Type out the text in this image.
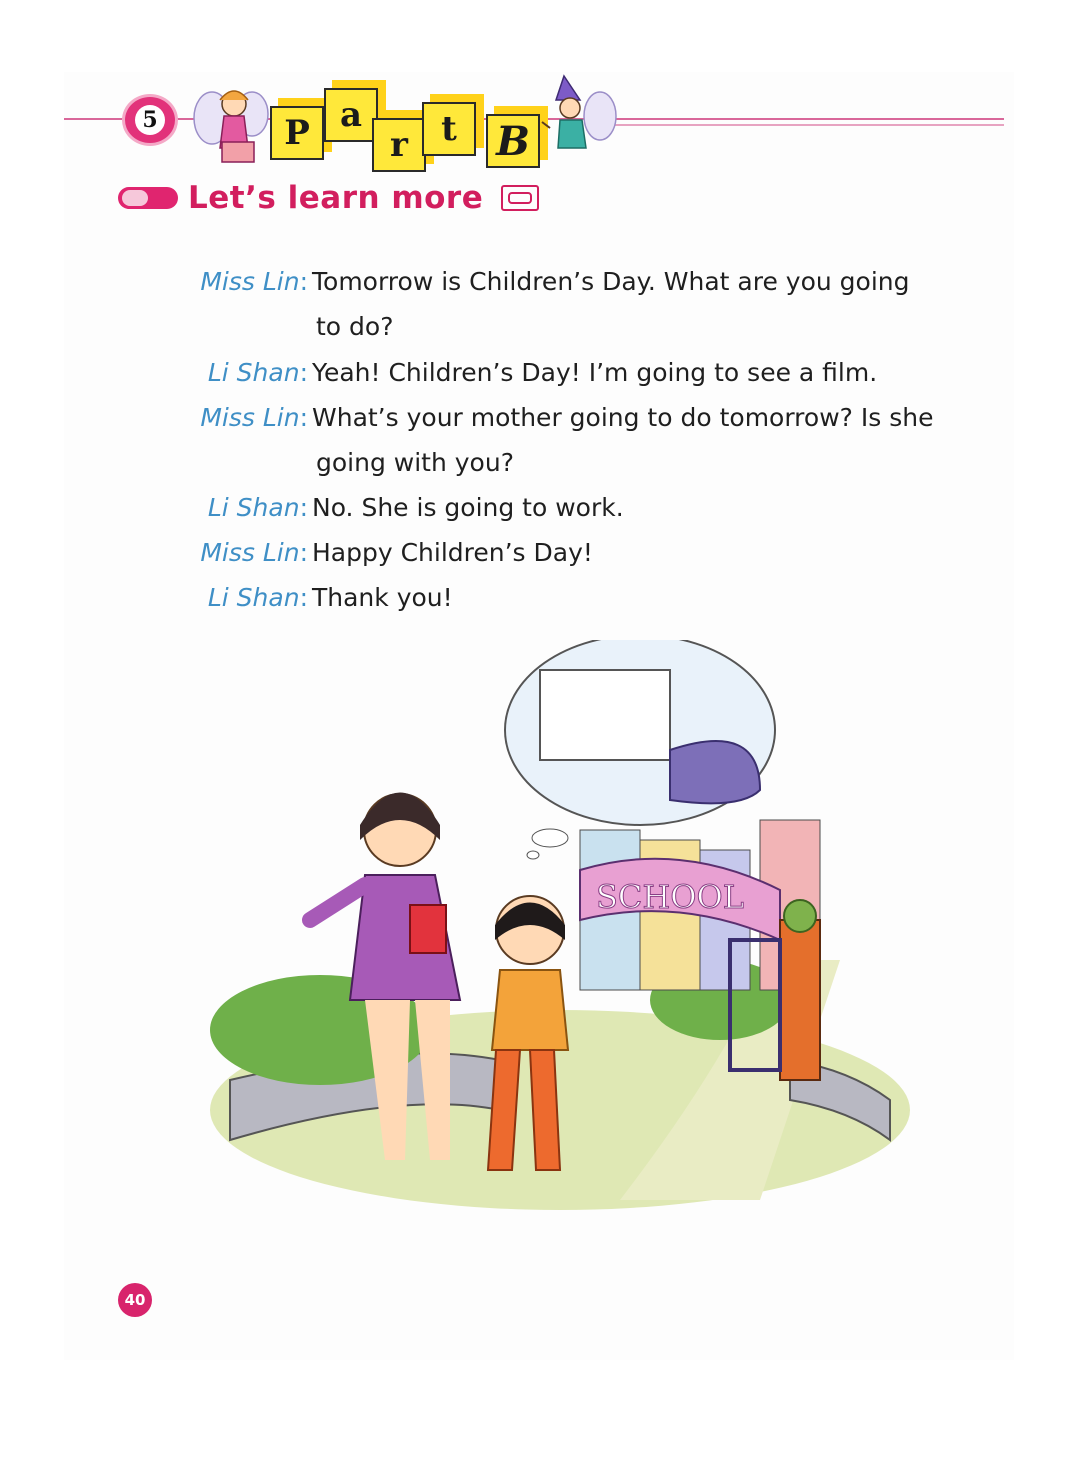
5	P a
r t B
Let’s learn more
Miss Lin: Tomorrow is Children’s Day. What are you going
to do?
Li Shan: Yeah! Children’s Day! I’m going to see a film.
Miss Lin: What’s your mother going to do tomorrow? Is she
going with you?
Li Shan: No. She is going to work.
Miss Lin: Happy Children’s Day!
Li Shan: Thank you!
SCHOOL
40
